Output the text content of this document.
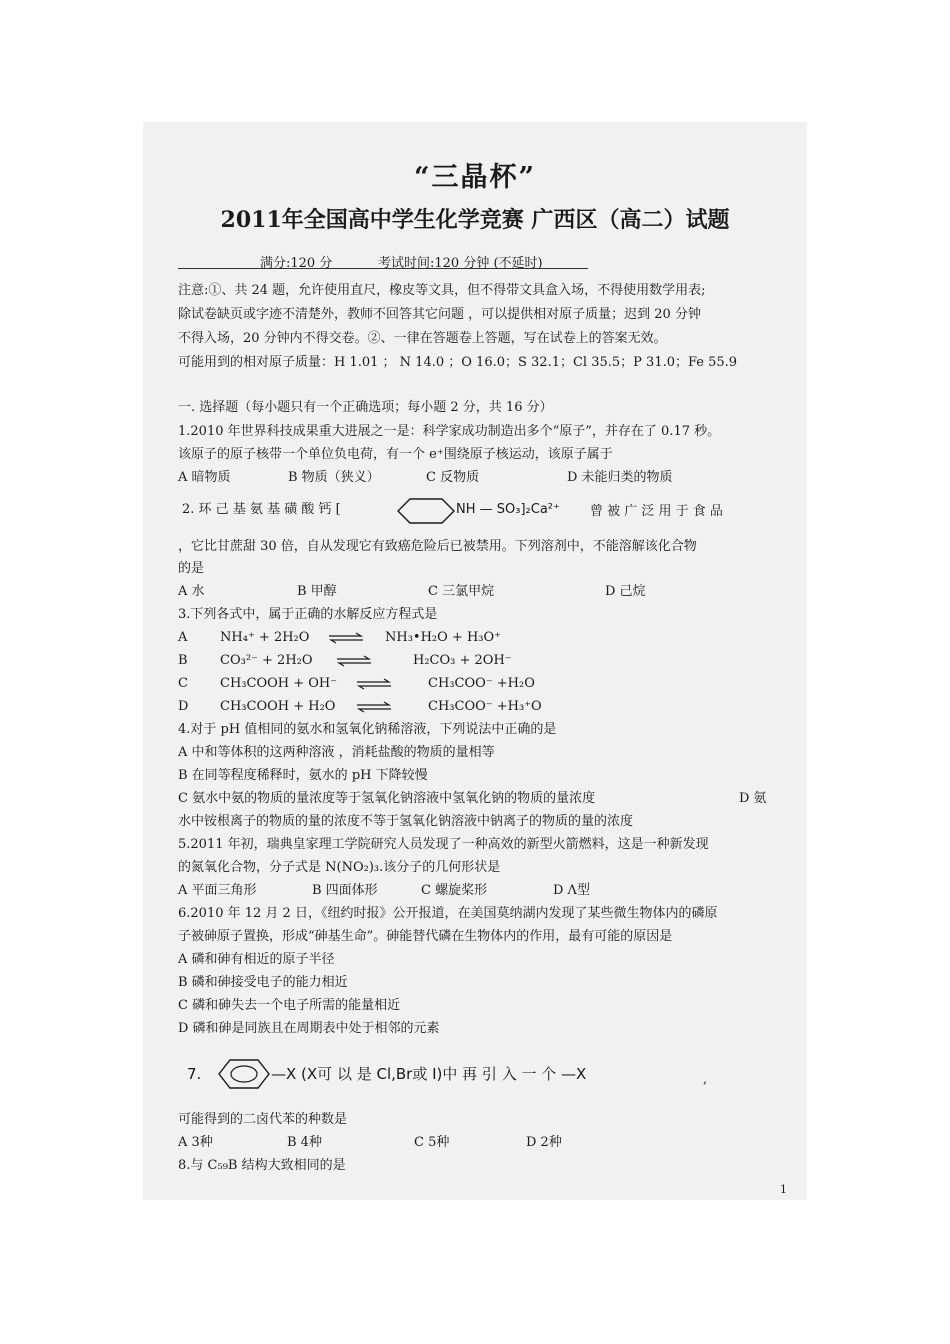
“三晶杯”
2011年全国高中学生化学竞赛 广西区（高二）试题
满分:120 分	考试时间:120 分钟 (不延时)

注意:①、共 24 题，允许使用直尺，橡皮等文具，但不得带文具盒入场，不得使用数学用表;
除试卷缺页或字迹不清楚外，教师不回答其它问题 ，可以提供相对原子质量；迟到 20 分钟
不得入场，20 分钟内不得交卷。②、一律在答题卷上答题，写在试卷上的答案无效。
可能用到的相对原子质量：H 1.01 ； N 14.0 ；O 16.0；S 32.1；Cl 35.5；P 31.0；Fe 55.9
一. 选择题（每小题只有一个正确选项；每小题 2 分，共 16 分）
1.2010 年世界科技成果重大进展之一是：科学家成功制造出多个“原子”，并存在了 0.17 秒。
该原子的原子核带一个单位负电荷，有一个 e⁺围绕原子核运动，该原子属于
A 暗物质	B 物质（狭义）	C 反物质	D 未能归类的物质
2. 环 己 基 氨 基 磺 酸 钙 [	NH — SO₃]₂Ca²⁺ 曾 被 广 泛 用 于 食 品
，它比甘蔗甜 30 倍，自从发现它有致癌危险后已被禁用。下列溶剂中，不能溶解该化合物
的是
A 水	B 甲醇	C 三氯甲烷	D 己烷
3.下列各式中，属于正确的水解反应方程式是
A	NH₄⁺ + 2H₂O ⇌ NH₃•H₂O + H₃O⁺
B CO₃²⁻ + 2H₂O ⇌	H₂CO₃ + 2OH⁻
C CH₃COOH + OH⁻ ⇌	CH₃COO⁻ +H₂O
D CH₃COOH + H₂O ⇌	CH₃COO⁻ +H₃⁺O
4.对于 pH 值相同的氨水和氢氧化钠稀溶液，下列说法中正确的是
A 中和等体积的这两种溶液 ，消耗盐酸的物质的量相等
B 在同等程度稀释时，氨水的 pH 下降较慢
C 氨水中氨的物质的量浓度等于氢氧化钠溶液中氢氧化钠的物质的量浓度	D 氨
水中铵根离子的物质的量的浓度不等于氢氧化钠溶液中钠离子的物质的量的浓度
5.2011 年初，瑞典皇家理工学院研究人员发现了一种高效的新型火箭燃料，这是一种新发现
的氮氧化合物，分子式是 N(NO₂)₃.该分子的几何形状是
A 平面三角形	B 四面体形	C 螺旋桨形	D Λ型
6.2010 年 12 月 2 日，《纽约时报》公开报道，在美国莫纳湖内发现了某些微生物体内的磷原
子被砷原子置换，形成“砷基生命”。砷能替代磷在生物体内的作用，最有可能的原因是
A 磷和砷有相近的原子半径
B 磷和砷接受电子的能力相近
C 磷和砷失去一个电子所需的能量相近
D 磷和砷是同族且在周期表中处于相邻的元素
7.	—X (X可 以 是 Cl,Br或 I)中 再 引 入 一 个 —X	,
可能得到的二卤代苯的种数是
A 3种	B 4种	C 5种	D 2种
8.与 C₅₉B 结构大致相同的是
1
